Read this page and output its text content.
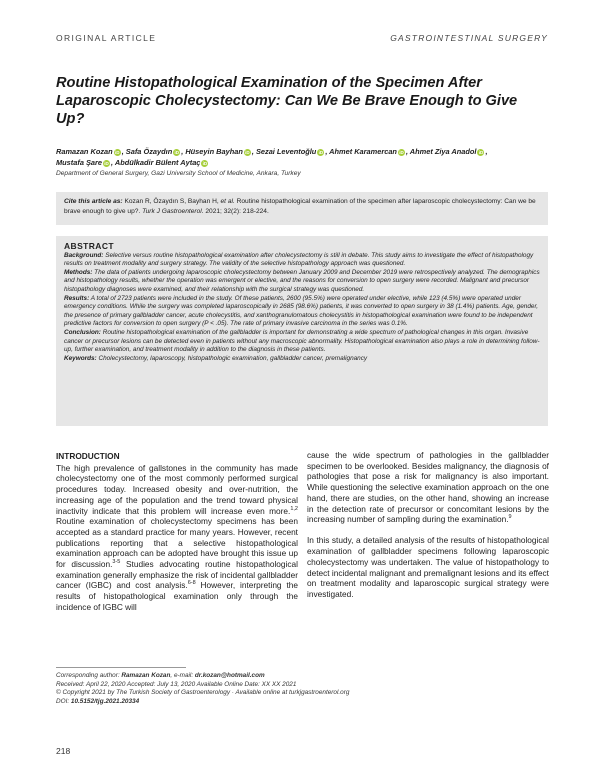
ORIGINAL ARTICLE	GASTROINTESTINAL SURGERY
Routine Histopathological Examination of the Specimen After Laparoscopic Cholecystectomy: Can We Be Brave Enough to Give Up?
Ramazan Kozan iD , Safa Özaydın iD , Hüseyin Bayhan iD , Sezai Leventoğlu iD , Ahmet Karamercan iD , Ahmet Ziya Anadol iD ,
Mustafa Şare iD , Abdülkadir Bülent Aytaç iD
Department of General Surgery, Gazi University School of Medicine, Ankara, Turkey
Cite this article as: Kozan R, Özaydın S, Bayhan H, et al. Routine histopathological examination of the specimen after laparoscopic cholecystectomy: Can we be brave enough to give up?. Turk J Gastroenterol. 2021; 32(2): 218-224.
ABSTRACT

Background: Selective versus routine histopathological examination after cholecystectomy is still in debate. This study aims to investigate the effect of histopathology results on treatment modality and surgery strategy. The validity of the selective histopathology approach was questioned.

Methods: The data of patients undergoing laparoscopic cholecystectomy between January 2009 and December 2019 were retrospectively analyzed. The demographics and histopathology results, whether the operation was emergent or elective, and the reasons for conversion to open surgery were recorded. Malignant and precursor histopathology diagnoses were examined, and their relationship with the surgical strategy was questioned.

Results: A total of 2723 patients were included in the study. Of these patients, 2600 (95.5%) were operated under elective, while 123 (4.5%) were operated under emergency conditions. While the surgery was completed laparoscopically in 2685 (98.6%) patients, it was converted to open surgery in 38 (1.4%) patients. Age, gender, the presence of primary gallbladder cancer, acute cholecystitis, and xanthogranulomatous cholecystitis in histopathological examination were found to be independent predictive factors for conversion to open surgery (P < .05). The rate of primary invasive carcinoma in the series was 0.1%.

Conclusion: Routine histopathological examination of the gallbladder is important for demonstrating a wide spectrum of pathological changes in this organ. Invasive cancer or precursor lesions can be detected even in patients without any macroscopic abnormality. Histopathological examination also plays a role in determining follow-up, further examination, and treatment modality in addition to the diagnosis in these patients.

Keywords: Cholecystectomy, laparoscopy, histopathologic examination, gallbladder cancer, premalignancy

INTRODUCTION

The high prevalence of gallstones in the community has made cholecystectomy one of the most commonly performed surgical procedures today. Increased obesity and over-nutrition, the increasing age of the population and the trend toward physical inactivity indicate that this problem will increase even more.$^{1,2}$ Routine examination of cholecystectomy specimens has been accepted as a standard practice for many years. However, recent publications reporting that a selective histopathological examination approach can be adopted have brought this issue up for discussion.$^{3-5}$ Studies advocating routine histopathological examination generally emphasize the risk of incidental gallbladder cancer (IGBC) and cost analysis.$^{6-8}$ However, interpreting the results of histopathological examination only through the incidence of IGBC will

cause the wide spectrum of pathologies in the gallbladder specimen to be overlooked. Besides malignancy, the diagnosis of pathologies that pose a risk for malignancy is also important. While questioning the selective examination approach on the one hand, there are studies, on the other hand, showing an increase in the detection rate of precursor or concomitant lesions by the increasing number of sampling during the examination.$^9$

In this study, a detailed analysis of the results of histopathological examination of gallbladder specimens following laparoscopic cholecystectomy was undertaken. The value of histopathology to detect incidental malignant and premalignant lesions and its effect on treatment modality and laparoscopic surgical strategy were investigated.

Corresponding author: Ramazan Kozan, e-mail: dr.kozan@hotmail.com
Received: April 22, 2020 Accepted: July 13, 2020 Available Online Date: XX XX 2021
© Copyright 2021 by The Turkish Society of Gastroenterology · Available online at turkjgastroenterol.org
DOI: 10.5152/tjg.2021.20334
218
